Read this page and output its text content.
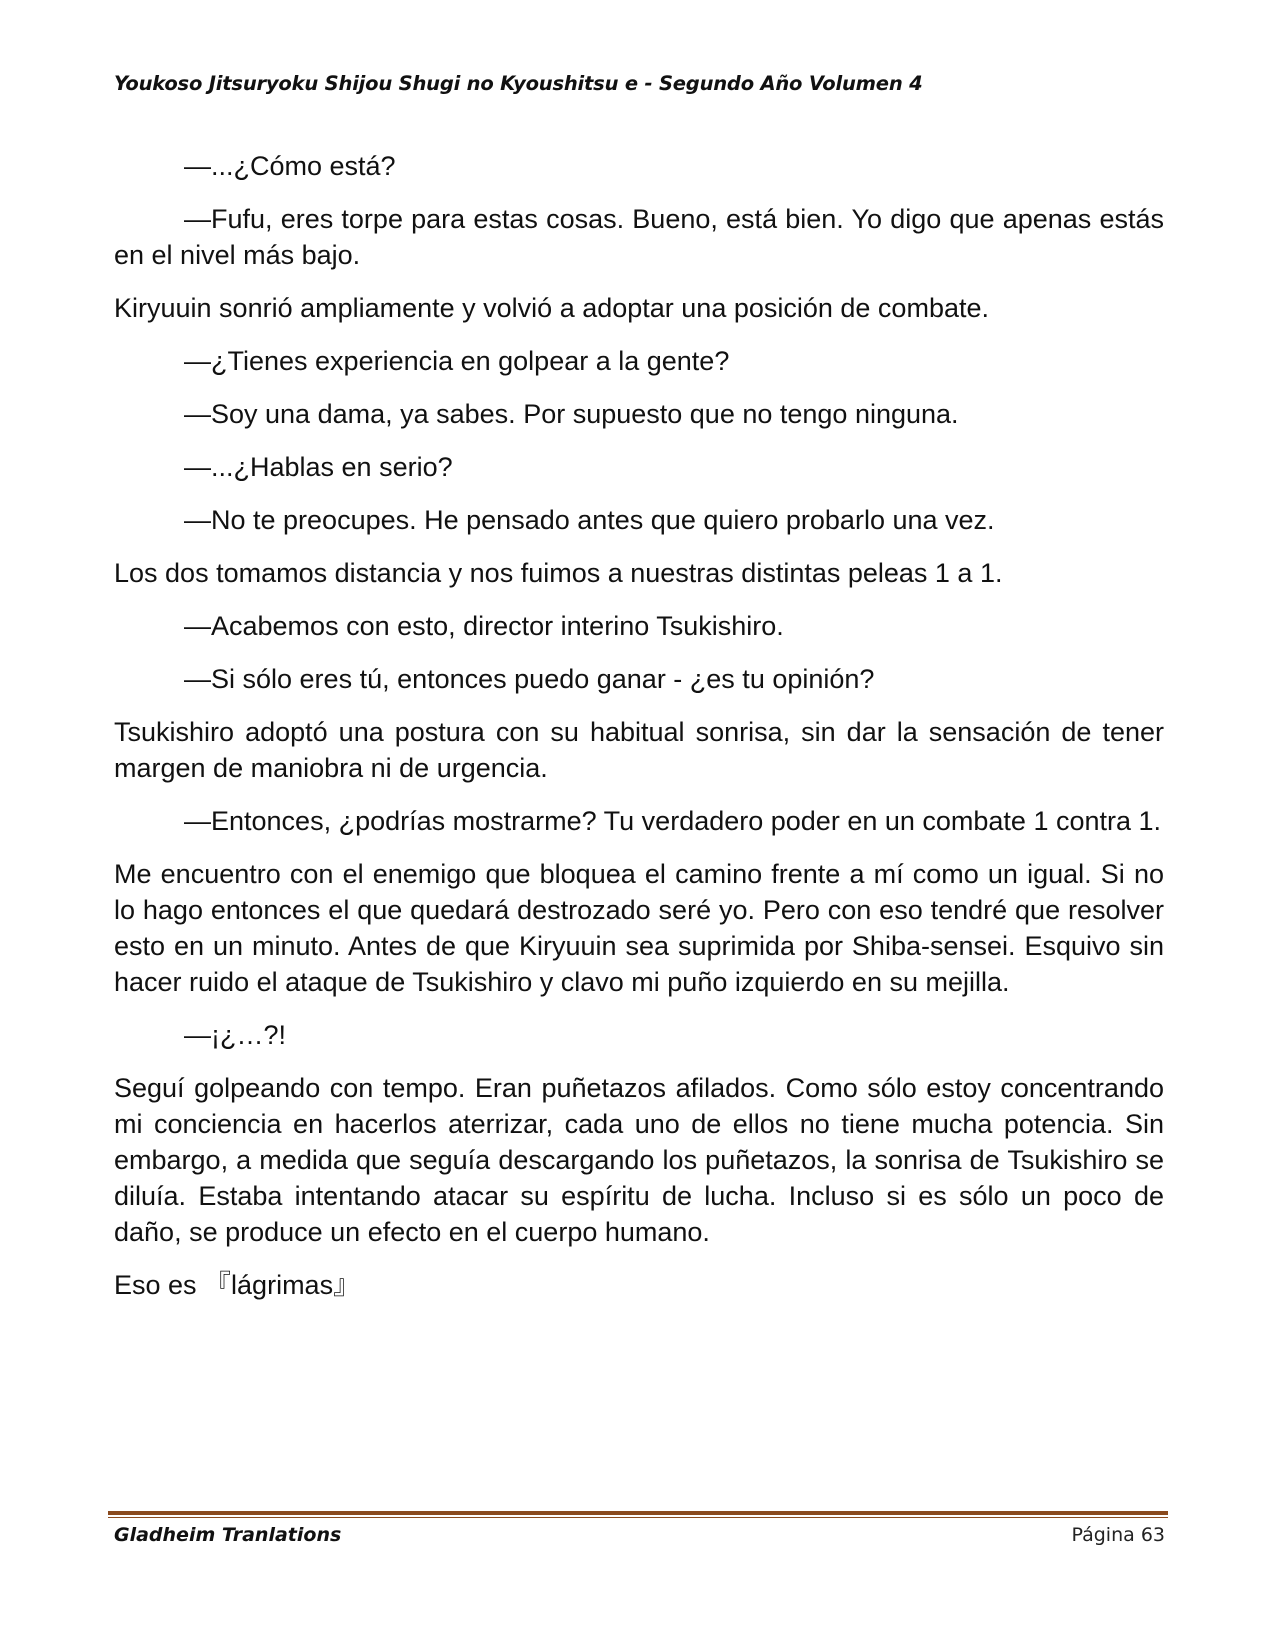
Youkoso Jitsuryoku Shijou Shugi no Kyoushitsu e - Segundo Año Volumen 4

—...¿Cómo está?

—Fufu, eres torpe para estas cosas. Bueno, está bien. Yo digo que apenas estás en el nivel más bajo.

Kiryuuin sonrió ampliamente y volvió a adoptar una posición de combate.

—¿Tienes experiencia en golpear a la gente?

—Soy una dama, ya sabes. Por supuesto que no tengo ninguna.

—...¿Hablas en serio?

—No te preocupes. He pensado antes que quiero probarlo una vez.

Los dos tomamos distancia y nos fuimos a nuestras distintas peleas 1 a 1.

—Acabemos con esto, director interino Tsukishiro.

—Si sólo eres tú, entonces puedo ganar - ¿es tu opinión?

Tsukishiro adoptó una postura con su habitual sonrisa, sin dar la sensación de tener margen de maniobra ni de urgencia.

—Entonces, ¿podrías mostrarme? Tu verdadero poder en un combate 1 contra 1.

Me encuentro con el enemigo que bloquea el camino frente a mí como un igual. Si no lo hago entonces el que quedará destrozado seré yo. Pero con eso tendré que resolver esto en un minuto. Antes de que Kiryuuin sea suprimida por Shiba-sensei. Esquivo sin hacer ruido el ataque de Tsukishiro y clavo mi puño izquierdo en su mejilla.

—¡¿…?!

Seguí golpeando con tempo. Eran puñetazos afilados. Como sólo estoy concentrando mi conciencia en hacerlos aterrizar, cada uno de ellos no tiene mucha potencia. Sin embargo, a medida que seguía descargando los puñetazos, la sonrisa de Tsukishiro se diluía. Estaba intentando atacar su espíritu de lucha. Incluso si es sólo un poco de daño, se produce un efecto en el cuerpo humano.

Eso es 『lágrimas』

Gladheim Tranlations	Página 63
